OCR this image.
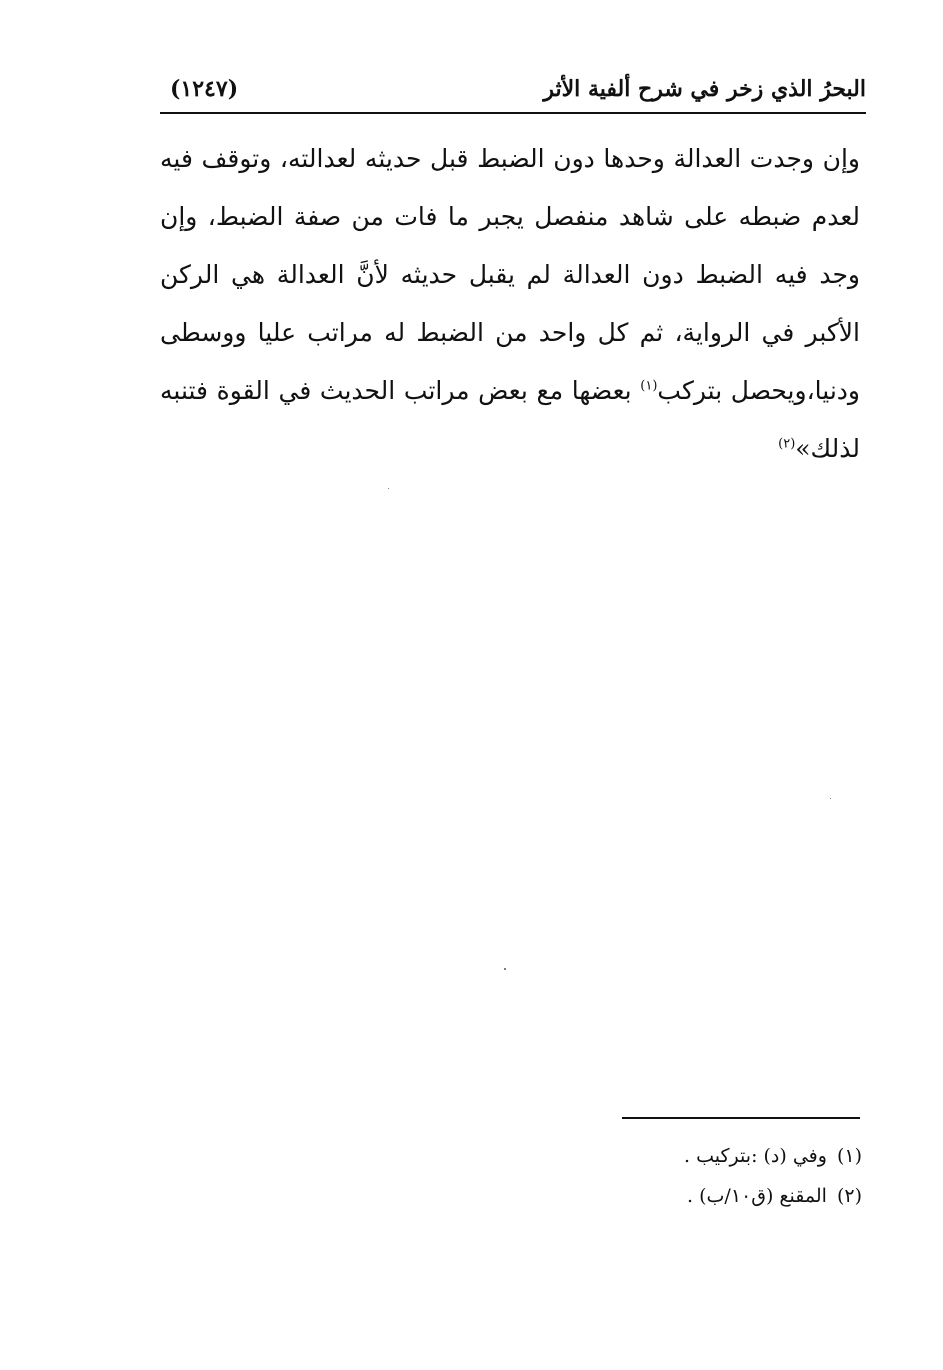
البحرُ الذي زخر في شرح ألفية الأثر
(١٢٤٧)

وإن وجدت العدالة وحدها دون الضبط قبل حديثه لعدالته، وتوقف فيه لعدم ضبطه على شاهد منفصل يجبر ما فات من صفة الضبط، وإن وجد فيه الضبط دون العدالة لم يقبل حديثه لأنَّ العدالة هي الركن الأكبر في الرواية، ثم كل واحد من الضبط له مراتب عليا ووسطى ودنيا،ويحصل بتركب$^{(١)}$ بعضها مع بعض مراتب الحديث في القوة فتنبه لذلك»$^{(٢)}$

(١)وفي (د) :بتركيب .
(٢)المقنع (ق١٠/ب) .
